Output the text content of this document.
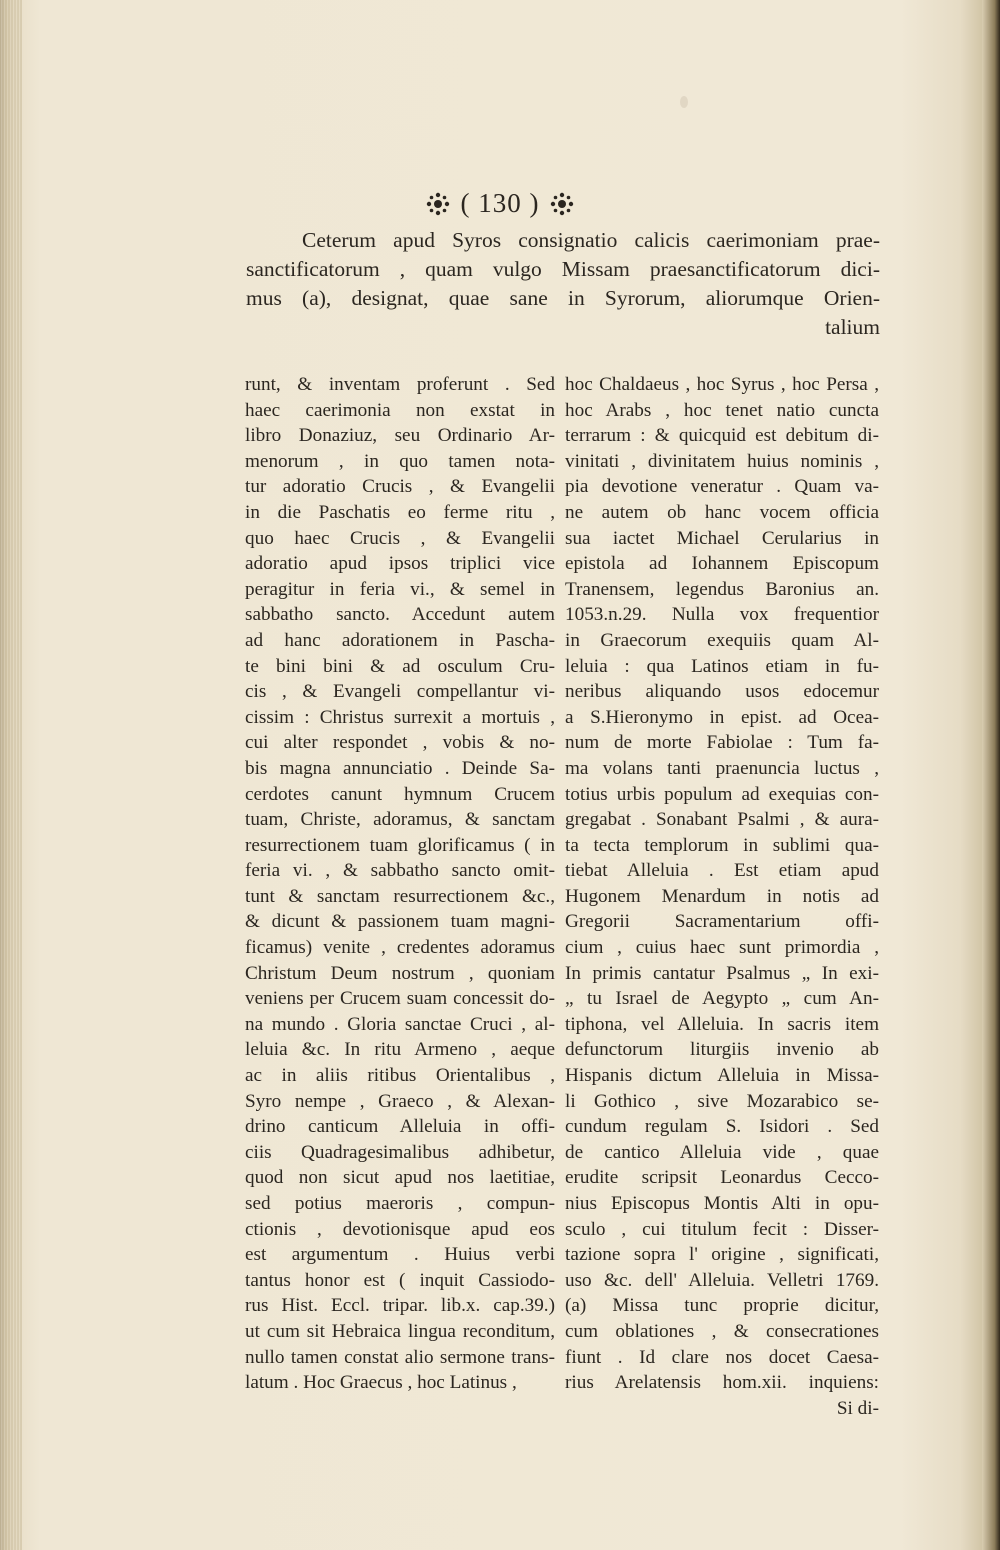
( 130 )
Ceterum apud Syros consignatio calicis caerimoniam prae-
sanctificatorum , quam vulgo Missam praesanctificatorum dici-
mus (a), designat, quae sane in Syrorum, aliorumque Orien-
talium
runt, & inventam proferunt . Sed
haec caerimonia non exstat in
libro Donaziuz, seu Ordinario Ar-
menorum , in quo tamen nota-
tur adoratio Crucis , & Evangelii
in die Paschatis eo ferme ritu ,
quo haec Crucis , & Evangelii
adoratio apud ipsos triplici vice
peragitur in feria vi., & semel in
sabbatho sancto. Accedunt autem
ad hanc adorationem in Pascha-
te bini bini & ad osculum Cru-
cis , & Evangeli compellantur vi-
cissim : Christus surrexit a mortuis ,
cui alter respondet , vobis & no-
bis magna annunciatio . Deinde Sa-
cerdotes canunt hymnum Crucem
tuam, Christe, adoramus, & sanctam
resurrectionem tuam glorificamus ( in
feria vi. , & sabbatho sancto omit-
tunt & sanctam resurrectionem &c.,
& dicunt & passionem tuam magni-
ficamus) venite , credentes adoramus
Christum Deum nostrum , quoniam
veniens per Crucem suam concessit do-
na mundo . Gloria sanctae Cruci , al-
leluia &c. In ritu Armeno , aeque
ac in aliis ritibus Orientalibus ,
Syro nempe , Graeco , & Alexan-
drino canticum Alleluia in offi-
ciis Quadragesimalibus adhibetur,
quod non sicut apud nos laetitiae,
sed potius maeroris , compun-
ctionis , devotionisque apud eos
est argumentum . Huius verbi
tantus honor est ( inquit Cassiodo-
rus Hist. Eccl. tripar. lib.x. cap.39.)
ut cum sit Hebraica lingua reconditum,
nullo tamen constat alio sermone trans-
latum . Hoc Graecus , hoc Latinus ,
hoc Chaldaeus , hoc Syrus , hoc Persa ,
hoc Arabs , hoc tenet natio cuncta
terrarum : & quicquid est debitum di-
vinitati , divinitatem huius nominis ,
pia devotione veneratur . Quam va-
ne autem ob hanc vocem officia
sua iactet Michael Cerularius in
epistola ad Iohannem Episcopum
Tranensem, legendus Baronius an.
1053.n.29. Nulla vox frequentior
in Graecorum exequiis quam Al-
leluia : qua Latinos etiam in fu-
neribus aliquando usos edocemur
a S.Hieronymo in epist. ad Ocea-
num de morte Fabiolae : Tum fa-
ma volans tanti praenuncia luctus ,
totius urbis populum ad exequias con-
gregabat . Sonabant Psalmi , & aura-
ta tecta templorum in sublimi qua-
tiebat Alleluia . Est etiam apud
Hugonem Menardum in notis ad
Gregorii Sacramentarium offi-
cium , cuius haec sunt primordia ,
In primis cantatur Psalmus „ In exi-
„ tu Israel de Aegypto „ cum An-
tiphona, vel Alleluia. In sacris item
defunctorum liturgiis invenio ab
Hispanis dictum Alleluia in Missa-
li Gothico , sive Mozarabico se-
cundum regulam S. Isidori . Sed
de cantico Alleluia vide , quae
erudite scripsit Leonardus Cecco-
nius Episcopus Montis Alti in opu-
sculo , cui titulum fecit : Disser-
tazione sopra l' origine , significati,
uso &c. dell' Alleluia. Velletri 1769.
(a) Missa tunc proprie dicitur,
cum oblationes , & consecrationes
fiunt . Id clare nos docet Caesa-
rius Arelatensis hom.xii. inquiens:
Si di-
